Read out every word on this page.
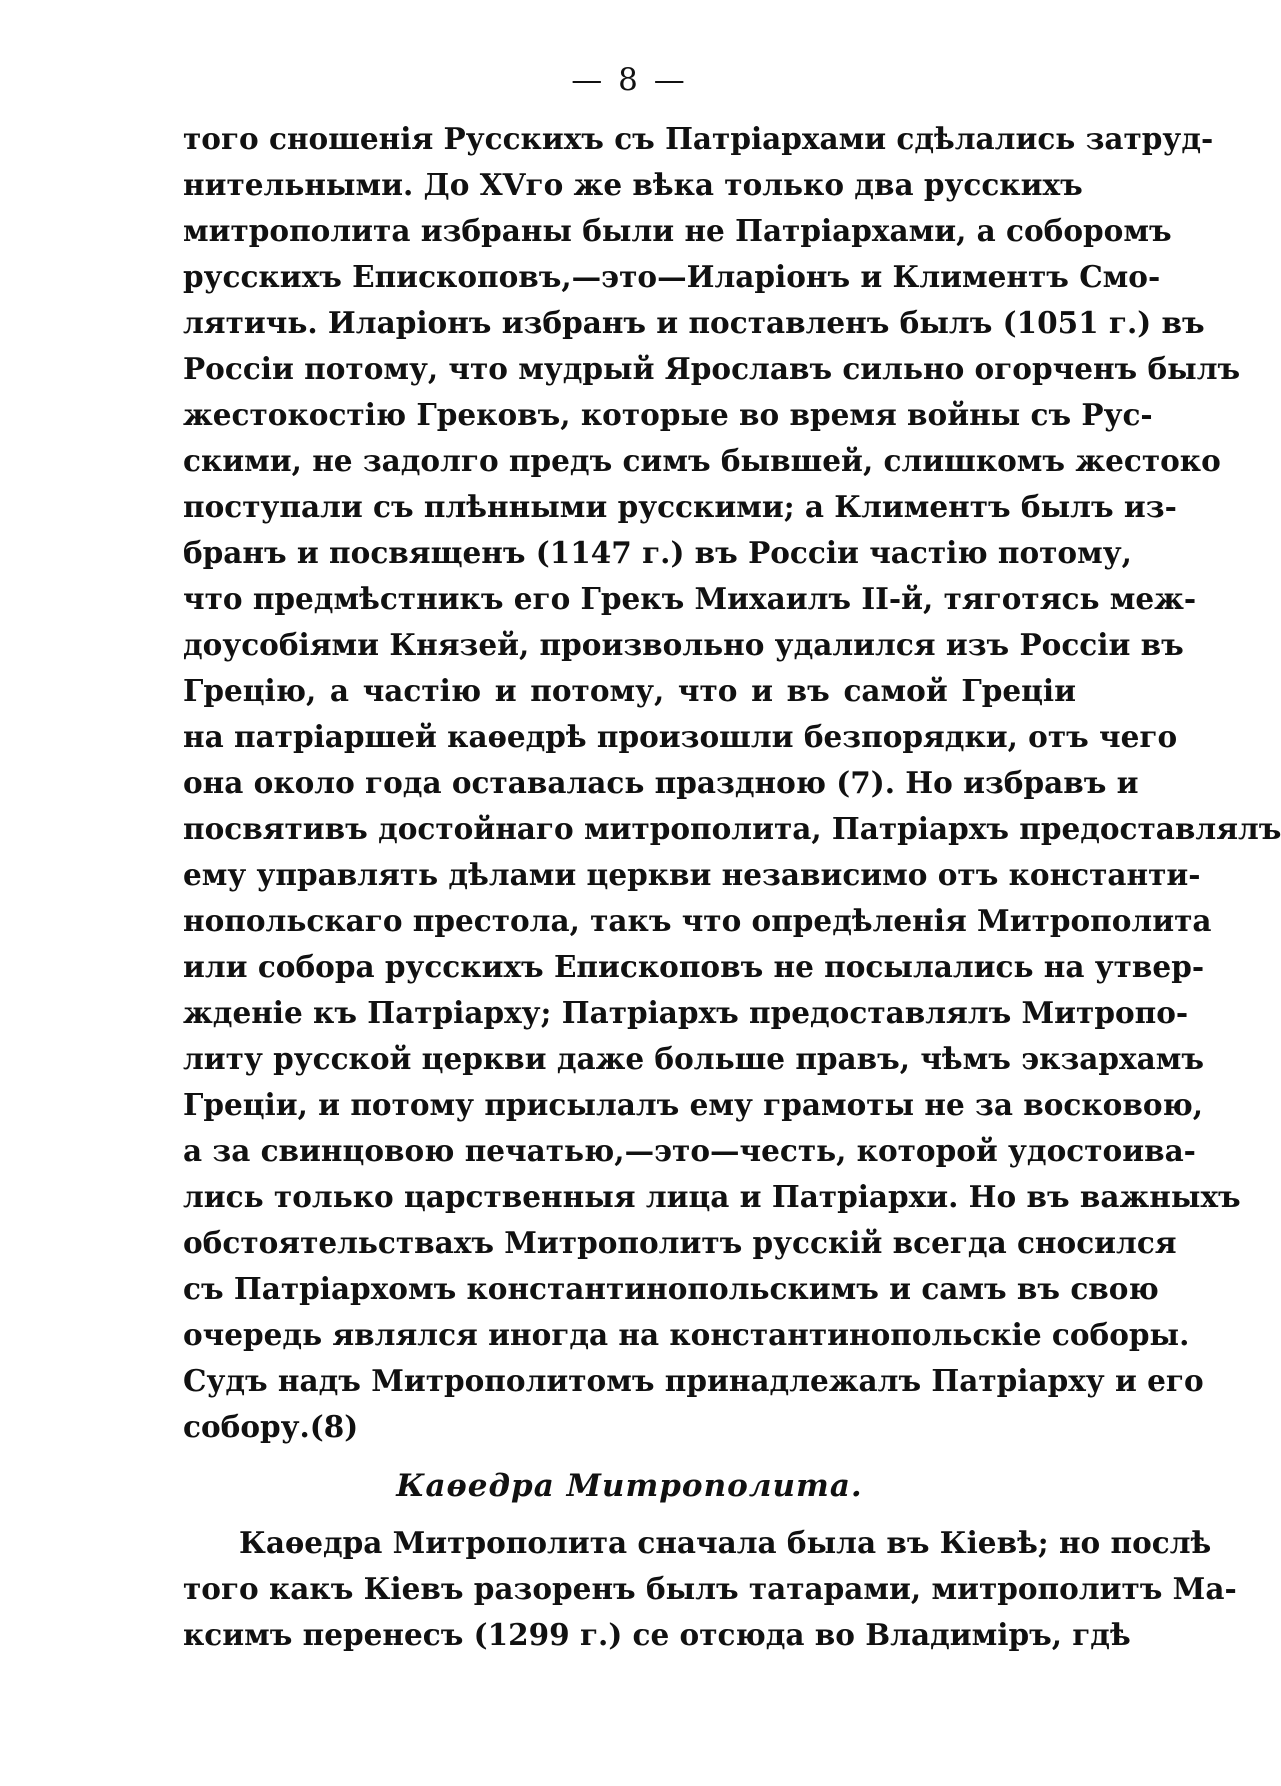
— 8 —
того сношенія Русскихъ съ Патріархами сдѣлались затруд-
нительными. До XVго же вѣка только два русскихъ
митрополита избраны были не Патріархами, а соборомъ
русскихъ Епископовъ,—это—Иларіонъ и Климентъ Смо-
лятичь. Иларіонъ избранъ и поставленъ былъ (1051 г.) въ
Россіи потому, что мудрый Ярославъ сильно огорченъ былъ
жестокостію Грековъ, которые во время войны съ Рус-
скими, не задолго предъ симъ бывшей, слишкомъ жестоко
поступали съ плѣнными русскими; а Климентъ былъ из-
бранъ и посвященъ (1147 г.) въ Россіи частію потому,
что предмѣстникъ его Грекъ Михаилъ II-й, тяготясь меж-
доусобіями Князей, произвольно удалился изъ Россіи въ
Грецію, а частію и потому, что и въ самой Греціи
на патріаршей каѳедрѣ произошли безпорядки, отъ чего
она около года оставалась праздною (7). Но избравъ и
посвятивъ достойнаго митрополита, Патріархъ предоставлялъ
ему управлять дѣлами церкви независимо отъ константи-
нопольскаго престола, такъ что опредѣленія Митрополита
или собора русскихъ Епископовъ не посылались на утвер-
жденіе къ Патріарху; Патріархъ предоставлялъ Митропо-
литу русской церкви даже больше правъ, чѣмъ экзархамъ
Греціи, и потому присылалъ ему грамоты не за восковою,
а за свинцовою печатью,—это—честь, которой удостоива-
лись только царственныя лица и Патріархи. Но въ важныхъ
обстоятельствахъ Митрополитъ русскій всегда сносился
съ Патріархомъ константинопольскимъ и самъ въ свою
очередь являлся иногда на константинопольскіе соборы.
Судъ надъ Митрополитомъ принадлежалъ Патріарху и его
собору.(8)
Каѳедра Митрополита.
Каѳедра Митрополита сначала была въ Кіевѣ; но послѣ
того какъ Кіевъ разоренъ былъ татарами, митрополитъ Ма-
ксимъ перенесъ (1299 г.) се отсюда во Владиміръ, гдѣ
